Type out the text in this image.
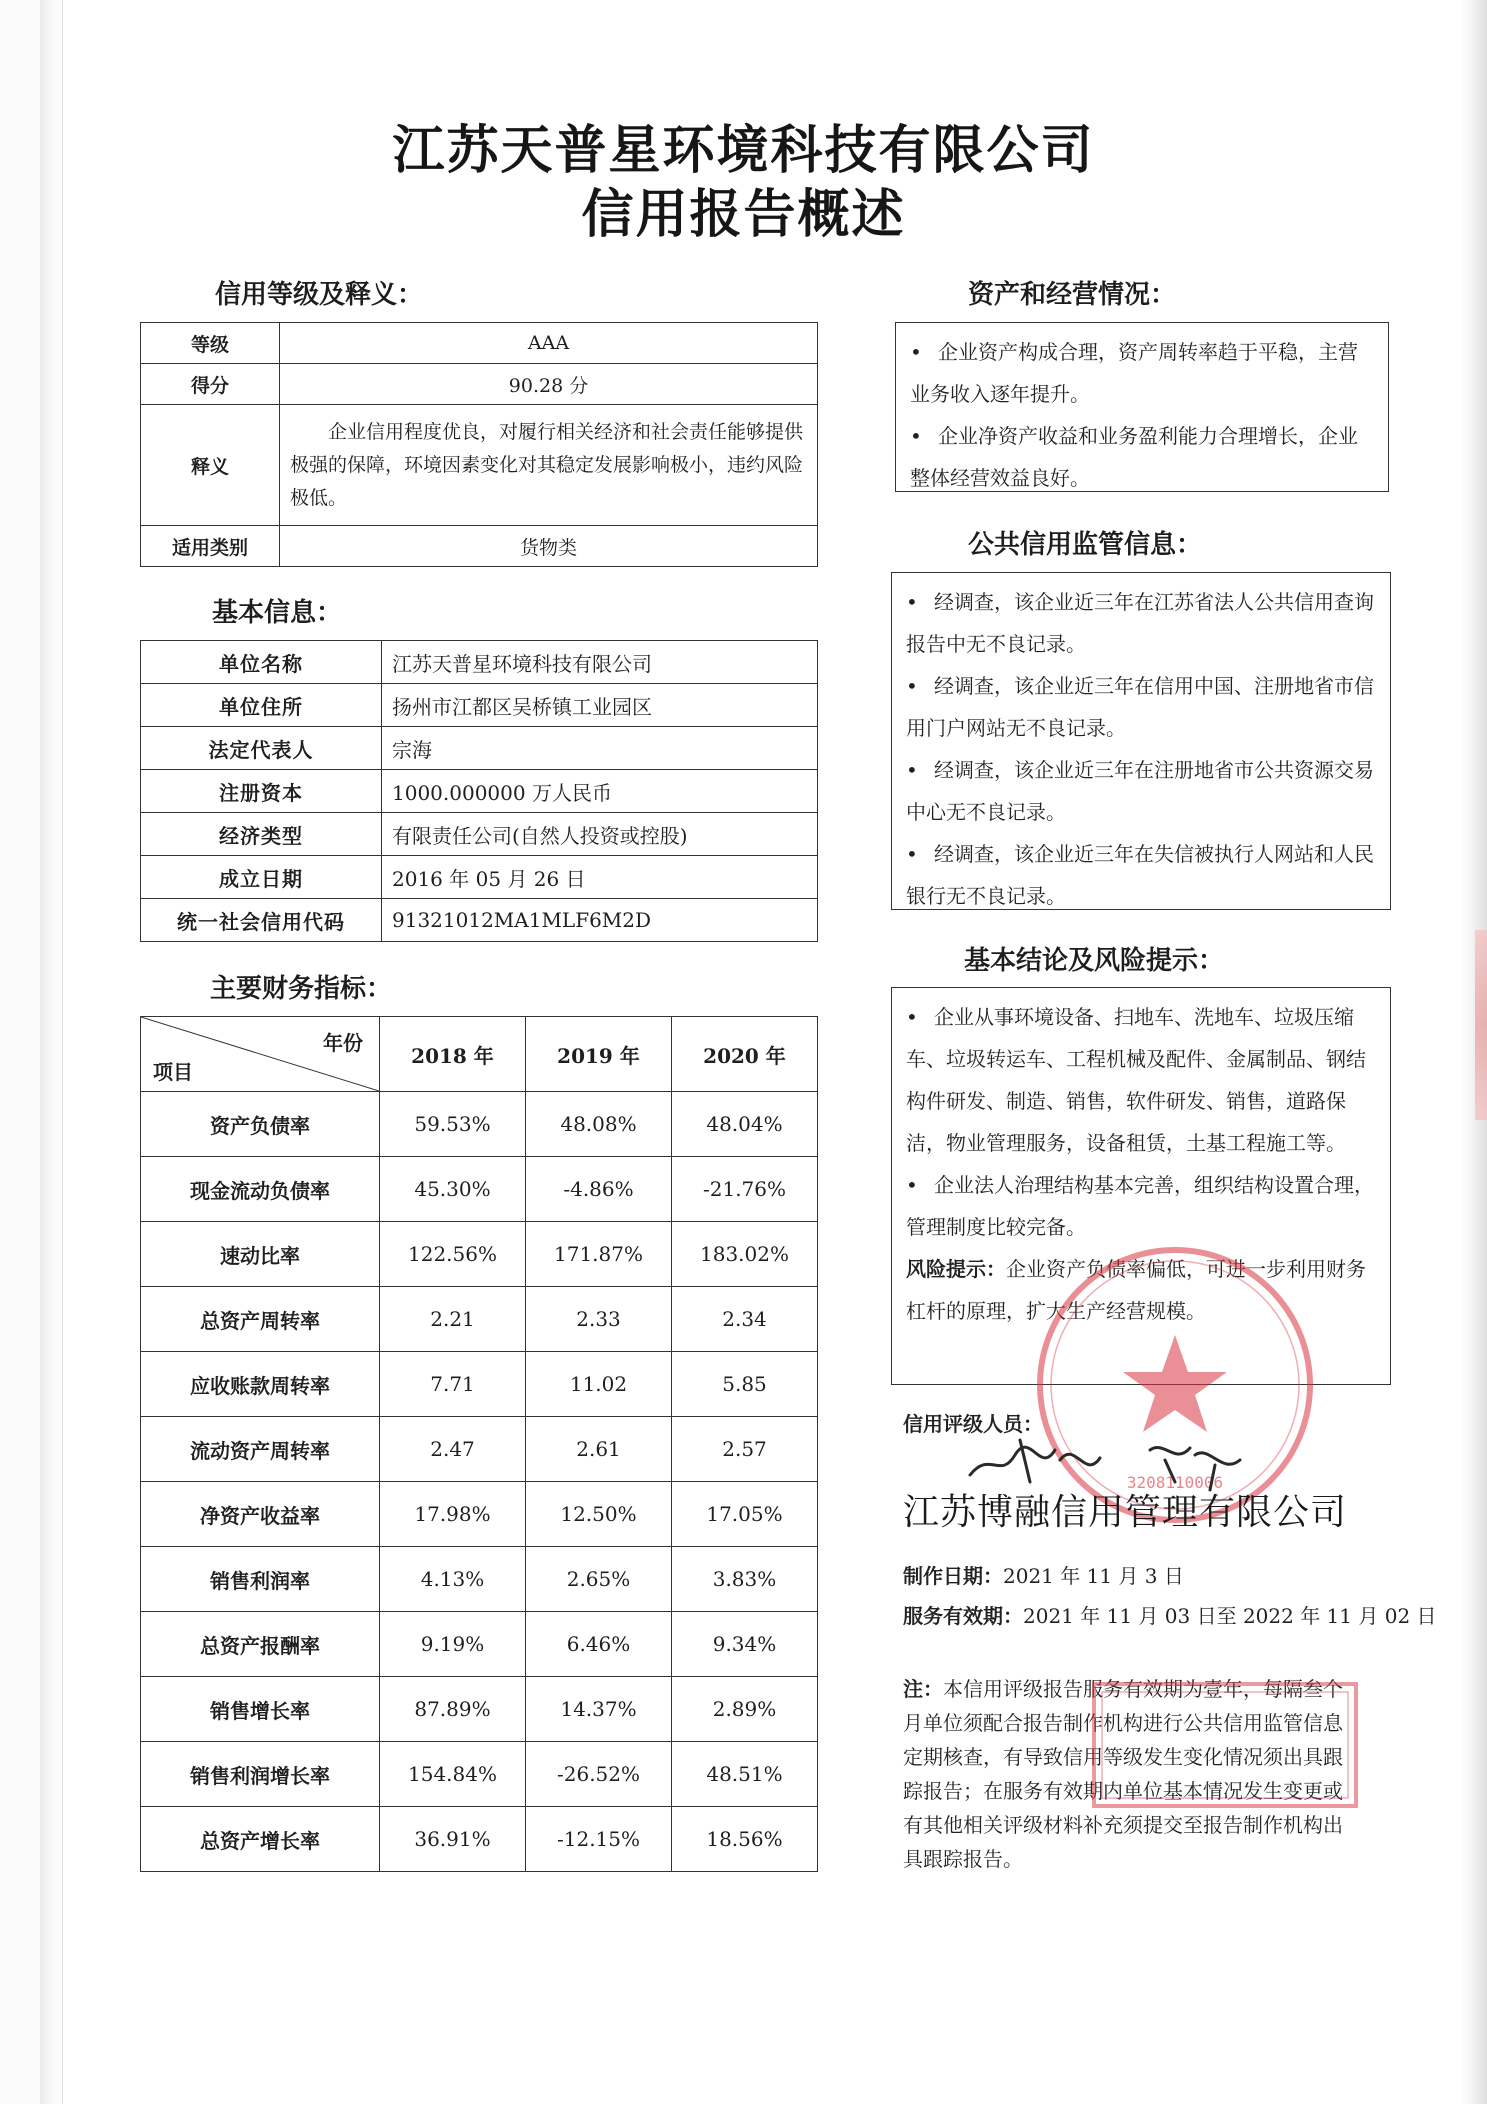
江苏天普星环境科技有限公司
信用报告概述
信用等级及释义：
等级	AAA
得分	90.28 分
释义	企业信用程度优良，对履行相关经济和社会责任能够提供极强的保障，环境因素变化对其稳定发展影响极小，违约风险极低。
适用类别	货物类
基本信息：
单位名称	江苏天普星环境科技有限公司
单位住所	扬州市江都区吴桥镇工业园区
法定代表人	宗海
注册资本	1000.000000 万人民币
经济类型	有限责任公司(自然人投资或控股)
成立日期	2016 年 05 月 26 日
统一社会信用代码	91321012MA1MLF6M2D
主要财务指标：
年份
项目	2018 年	2019 年	2020 年
资产负债率	59.53%	48.08%	48.04%
现金流动负债率	45.30%	-4.86%	-21.76%
速动比率	122.56%	171.87%	183.02%
总资产周转率	2.21	2.33	2.34
应收账款周转率	7.71	11.02	5.85
流动资产周转率	2.47	2.61	2.57
净资产收益率	17.98%	12.50%	17.05%
销售利润率	4.13%	2.65%	3.83%
总资产报酬率	9.19%	6.46%	9.34%
销售增长率	87.89%	14.37%	2.89%
销售利润增长率	154.84%	-26.52%	48.51%
总资产增长率	36.91%	-12.15%	18.56%
资产和经营情况：

• 企业资产构成合理，资产周转率趋于平稳，主营业务收入逐年提升。

• 企业净资产收益和业务盈利能力合理增长，企业整体经营效益良好。

公共信用监管信息：

• 经调查，该企业近三年在江苏省法人公共信用查询报告中无不良记录。

• 经调查，该企业近三年在信用中国、注册地省市信用门户网站无不良记录。

• 经调查，该企业近三年在注册地省市公共资源交易中心无不良记录。

• 经调查，该企业近三年在失信被执行人网站和人民银行无不良记录。

基本结论及风险提示：

• 企业从事环境设备、扫地车、洗地车、垃圾压缩车、垃圾转运车、工程机械及配件、金属制品、钢结构件研发、制造、销售，软件研发、销售，道路保洁，物业管理服务，设备租赁，土基工程施工等。

• 企业法人治理结构基本完善，组织结构设置合理，管理制度比较完备。

风险提示：企业资产负债率偏低，可进一步利用财务杠杆的原理，扩大生产经营规模。

3208110006
信用评级人员：
江苏博融信用管理有限公司
制作日期：2021 年 11 月 3 日
服务有效期：2021 年 11 月 03 日至 2022 年 11 月 02 日
注：本信用评级报告服务有效期为壹年，每隔叁个月单位须配合报告制作机构进行公共信用监管信息定期核查，有导致信用等级发生变化情况须出具跟踪报告；在服务有效期内单位基本情况发生变更或有其他相关评级材料补充须提交至报告制作机构出具跟踪报告。
